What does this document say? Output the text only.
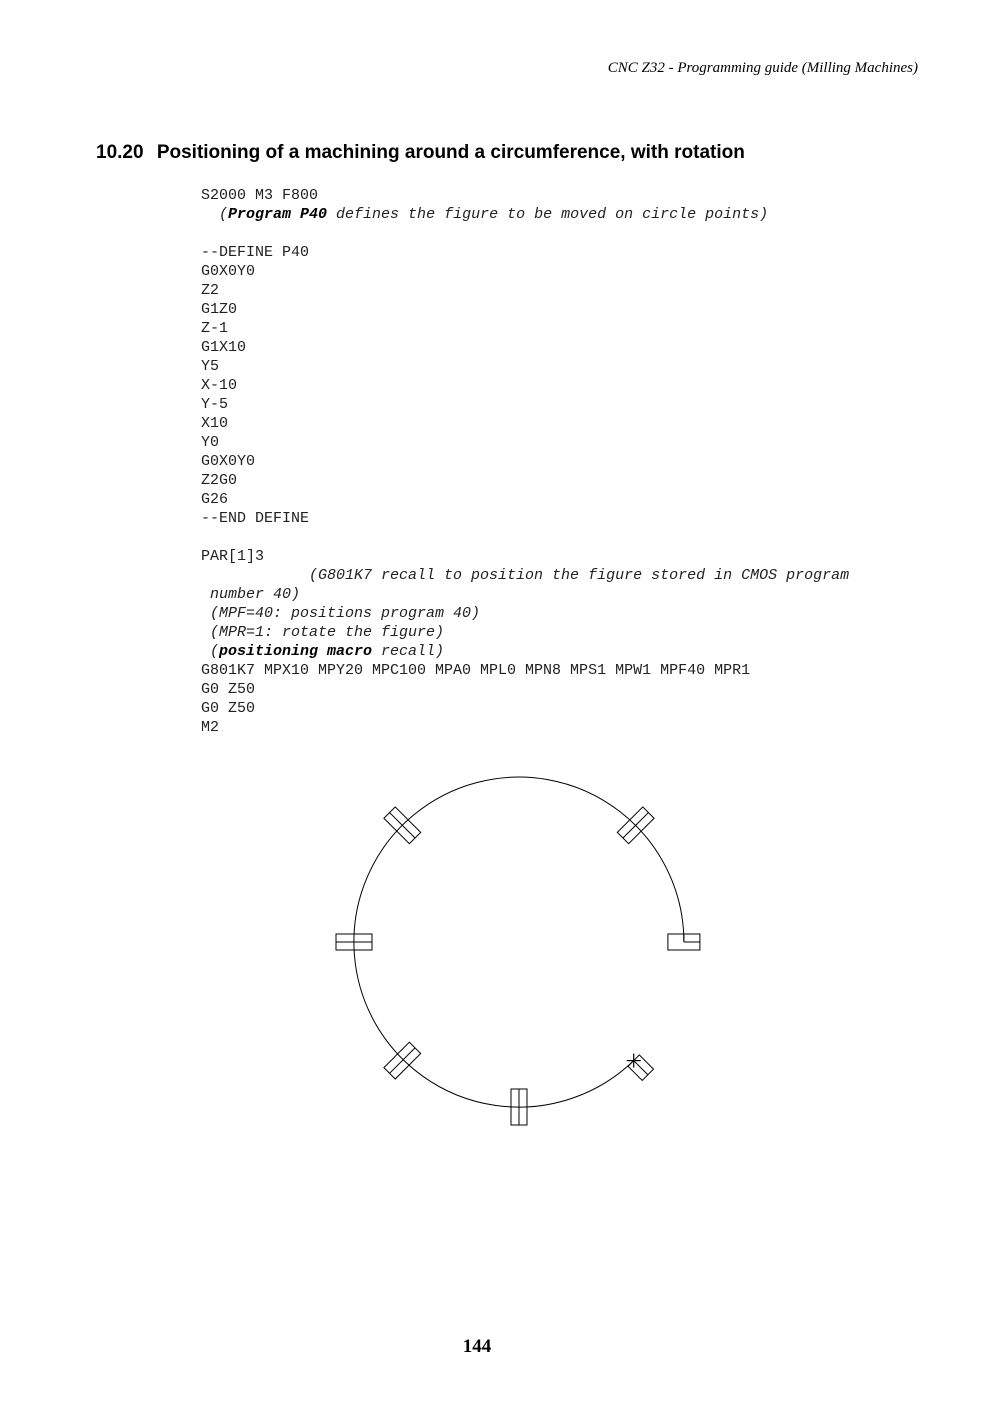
CNC Z32 - Programming guide (Milling Machines)
10.20 Positioning of a machining around a circumference, with rotation
S2000 M3 F800
(Program P40 defines the figure to be moved on circle points)
--DEFINE P40
G0X0Y0
Z2
G1Z0
Z-1
G1X10
Y5
X-10
Y-5
X10
Y0
G0X0Y0
Z2G0
G26
--END DEFINE
PAR[1]3
(G801K7 recall to position the figure stored in CMOS program
number 40)
(MPF=40: positions program 40)
(MPR=1: rotate the figure)
(positioning macro recall)
G801K7 MPX10 MPY20 MPC100 MPA0 MPL0 MPN8 MPS1 MPW1 MPF40 MPR1
G0 Z50
G0 Z50
M2
144
